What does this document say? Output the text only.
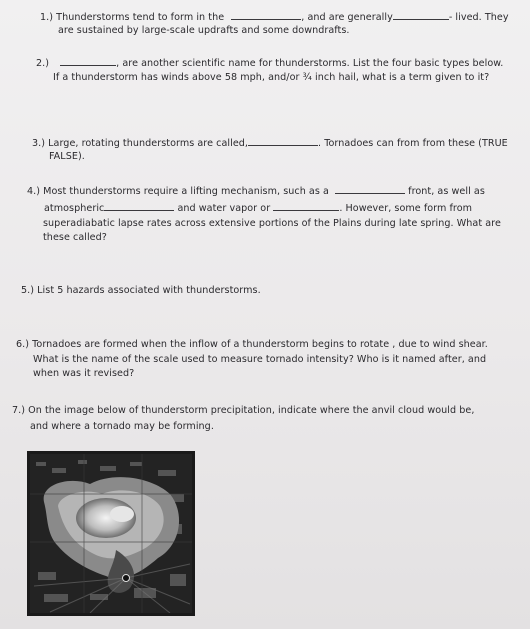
1.) Thunderstorms tend to form in the	, and are generally	- lived. They
are sustained by large-scale updrafts and some downdrafts.
2.)	, are another scientific name for thunderstorms. List the four basic types below.
If a thunderstorm has winds above 58 mph, and/or ¾ inch hail, what is a term given to it?
3.) Large, rotating thunderstorms are called,	. Tornadoes can from from these (TRUE
FALSE).
4.) Most thunderstorms require a lifting mechanism, such as a	front, as well as
atmospheric	and water vapor or	. However, some form from
superadiabatic lapse rates across extensive portions of the Plains during late spring. What are
these called?
5.) List 5 hazards associated with thunderstorms.
6.) Tornadoes are formed when the inflow of a thunderstorm begins to rotate , due to wind shear.
What is the name of the scale used to measure tornado intensity? Who is it named after, and
when was it revised?
7.) On the image below of thunderstorm precipitation, indicate where the anvil cloud would be,
and where a tornado may be forming.
